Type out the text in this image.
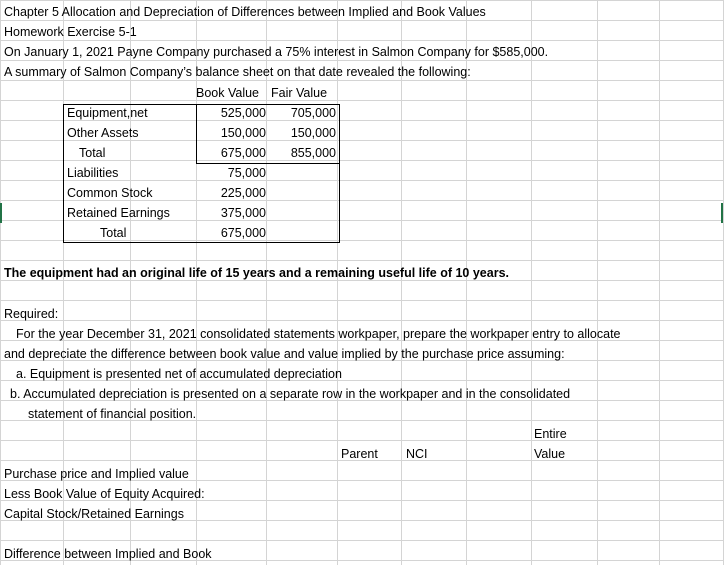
Chapter 5 Allocation and Depreciation of Differences between Implied and Book Values
Homework Exercise 5-1
On January 1, 2021 Payne Company purchased a 75% interest in Salmon Company for $585,000.
A summary of Salmon Company’s balance sheet on that date revealed the following:
Book Value Fair Value
Equipment,net	525,000	705,000
Other Assets	150,000	150,000
Total	675,000	855,000
Liabilities	75,000
Common Stock	225,000
Retained Earnings	375,000
Total	675,000
The equipment had an original life of 15 years and a remaining useful life of 10 years.
Required:
For the year December 31, 2021 consolidated statements workpaper, prepare the workpaper entry to allocate
and depreciate the difference between book value and value implied by the purchase price assuming:
a. Equipment is presented net of accumulated depreciation
b. Accumulated depreciation is presented on a separate row in the workpaper and in the consolidated
statement of financial position.
Entire
Parent NCI	Value
Purchase price and Implied value
Less Book Value of Equity Acquired:
Capital Stock/Retained Earnings
Difference between Implied and Book
